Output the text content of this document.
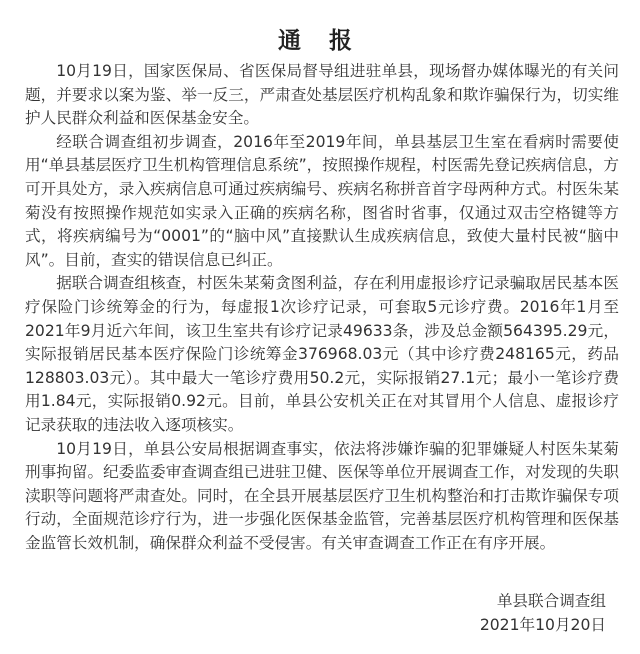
通 报

10月19日，国家医保局、省医保局督导组进驻单县，现场督办媒体曝光的有关问题，并要求以案为鉴、举一反三，严肃查处基层医疗机构乱象和欺诈骗保行为，切实维护人民群众利益和医保基金安全。

经联合调查组初步调查，2016年至2019年间，单县基层卫生室在看病时需要使用“单县基层医疗卫生机构管理信息系统”，按照操作规程，村医需先登记疾病信息，方可开具处方，录入疾病信息可通过疾病编号、疾病名称拼音首字母两种方式。村医朱某菊没有按照操作规范如实录入正确的疾病名称，图省时省事，仅通过双击空格键等方式，将疾病编号为“0001”的“脑中风”直接默认生成疾病信息，致使大量村民被“脑中风”。目前，查实的错误信息已纠正。

据联合调查组核查，村医朱某菊贪图利益，存在利用虚报诊疗记录骗取居民基本医疗保险门诊统筹金的行为，每虚报1次诊疗记录，可套取5元诊疗费。2016年1月至2021年9月近六年间，该卫生室共有诊疗记录49633条，涉及总金额564395.29元，实际报销居民基本医疗保险门诊统筹金376968.03元（其中诊疗费248165元，药品128803.03元）。其中最大一笔诊疗费用50.2元，实际报销27.1元；最小一笔诊疗费用1.84元，实际报销0.92元。目前，单县公安机关正在对其冒用个人信息、虚报诊疗记录获取的违法收入逐项核实。

10月19日，单县公安局根据调查事实，依法将涉嫌诈骗的犯罪嫌疑人村医朱某菊刑事拘留。纪委监委审查调查组已进驻卫健、医保等单位开展调查工作，对发现的失职渎职等问题将严肃查处。同时，在全县开展基层医疗卫生机构整治和打击欺诈骗保专项行动，全面规范诊疗行为，进一步强化医保基金监管，完善基层医疗机构管理和医保基金监管长效机制，确保群众利益不受侵害。有关审查调查工作正在有序开展。

单县联合调查组
2021年10月20日
